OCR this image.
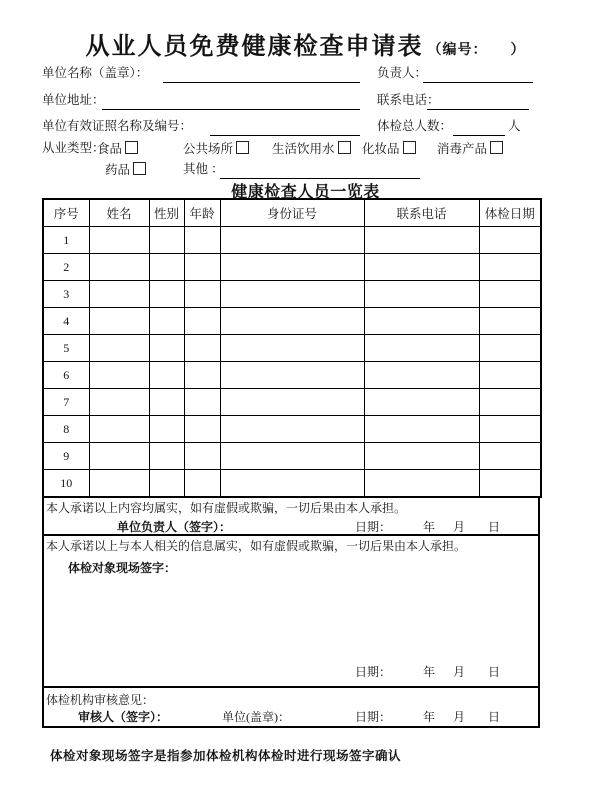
从业人员免费健康检查申请表 （编号：　　）
单位名称（盖章）：	负责人：
单位地址：	联系电话：
单位有效证照名称及编号：	体检总人数：	人
从业类型：
食品	公共场所	生活饮用水	化妆品	消毒产品
药品	其他 ：
健康检查人员一览表
序号	姓名	性别	年龄	身份证号	联系电话	体检日期
1						
2						
3						
4						
5						
6						
7						
8						
9						
10						
本人承诺以上内容均属实，如有虚假或欺骗，一切后果由本人承担。
单位负责人（签字）：	日期：	年 月 日
本人承诺以上与本人相关的信息属实，如有虚假或欺骗，一切后果由本人承担。
体检对象现场签字：
日期：	年 月 日
体检机构审核意见：
审核人（签字）：	单位(盖章)：	日期：	年 月 日
体检对象现场签字是指参加体检机构体检时进行现场签字确认
